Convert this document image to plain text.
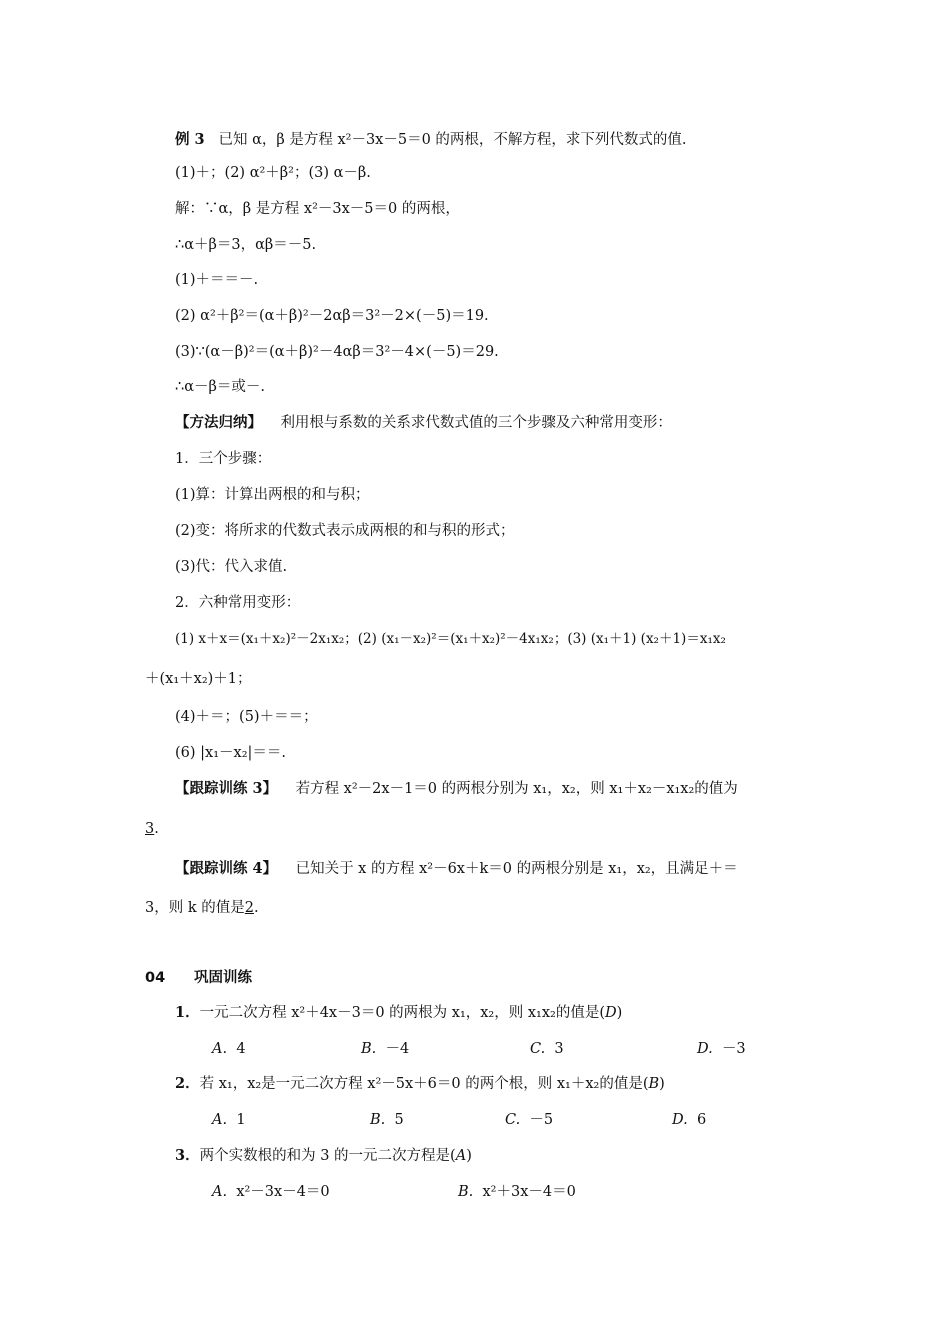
例 3 已知 α，β 是方程 x²－3x－5＝0 的两根，不解方程，求下列代数式的值.
(1)＋；(2) α²＋β²；(3) α－β.
解：∵α，β 是方程 x²－3x－5＝0 的两根，
∴α＋β＝3，αβ＝－5.
(1)＋＝＝－.
(2) α²＋β²＝(α＋β)²－2αβ＝3²－2×(－5)＝19.
(3)∵(α－β)²＝(α＋β)²－4αβ＝3²－4×(－5)＝29.
∴α－β＝或－.
【方法归纳】 利用根与系数的关系求代数式值的三个步骤及六种常用变形：
1．三个步骤：
(1)算：计算出两根的和与积；
(2)变：将所求的代数式表示成两根的和与积的形式；
(3)代：代入求值.
2．六种常用变形：
(1) x＋x＝(x₁＋x₂)²－2x₁x₂；(2) (x₁－x₂)²＝(x₁＋x₂)²－4x₁x₂；(3) (x₁＋1) (x₂＋1)＝x₁x₂
＋(x₁＋x₂)＋1；
(4)＋＝；(5)＋＝＝；
(6) |x₁－x₂|＝＝.
【跟踪训练 3】 若方程 x²－2x－1＝0 的两根分别为 x₁，x₂，则 x₁＋x₂－x₁x₂的值为
3.
【跟踪训练 4】 已知关于 x 的方程 x²－6x＋k＝0 的两根分别是 x₁，x₂，且满足＋＝
3，则 k 的值是2.
04 巩固训练
1．一元二次方程 x²＋4x－3＝0 的两根为 x₁，x₂，则 x₁x₂的值是(D)
A. 4	B. －4	C. 3	D. －3
2．若 x₁，x₂是一元二次方程 x²－5x＋6＝0 的两个根，则 x₁＋x₂的值是(B)
A. 1	B. 5	C. －5	D. 6
3．两个实数根的和为 3 的一元二次方程是(A)
A. x²－3x－4＝0	B. x²＋3x－4＝0
